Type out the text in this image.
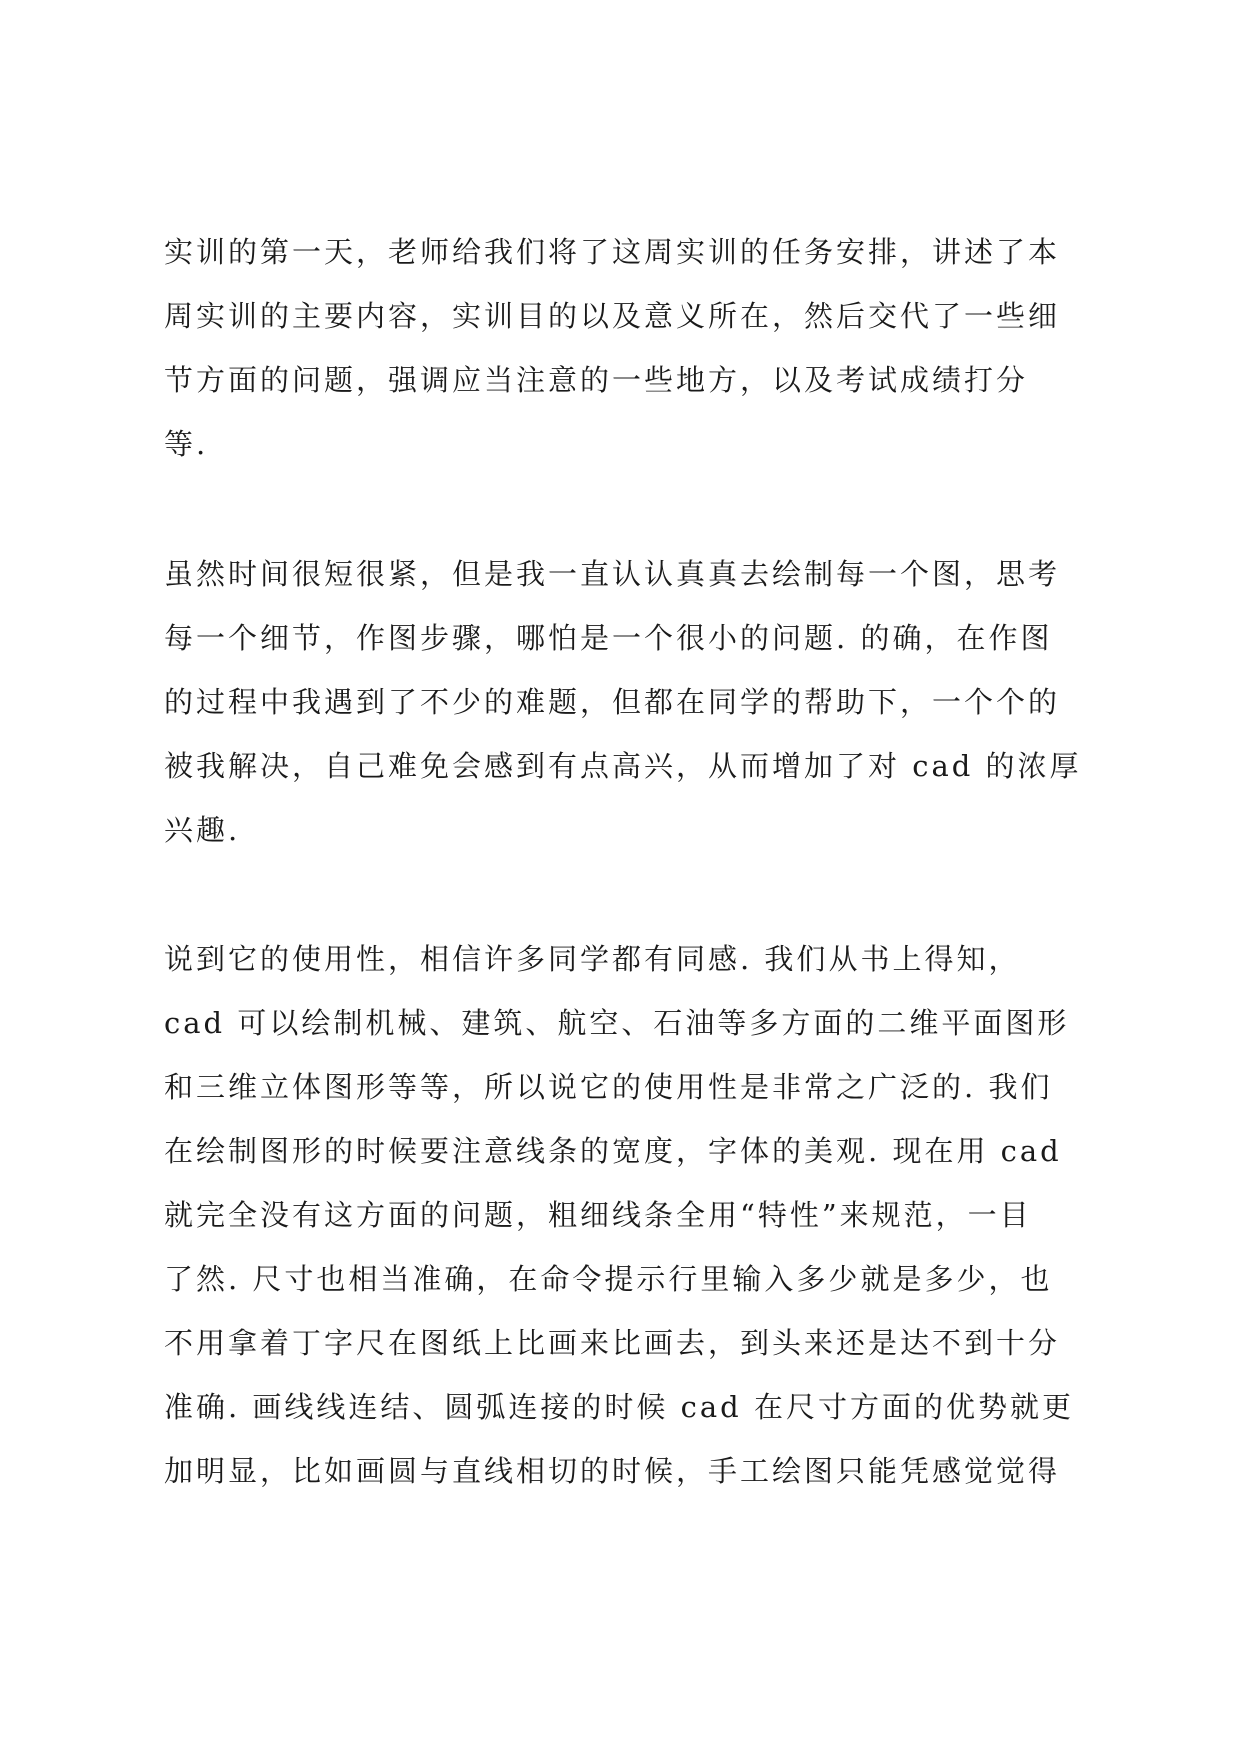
实训的第一天，老师给我们将了这周实训的任务安排，讲述了本
周实训的主要内容，实训目的以及意义所在，然后交代了一些细
节方面的问题，强调应当注意的一些地方，以及考试成绩打分
等.
虽然时间很短很紧，但是我一直认认真真去绘制每一个图，思考
每一个细节，作图步骤，哪怕是一个很小的问题. 的确，在作图
的过程中我遇到了不少的难题，但都在同学的帮助下，一个个的
被我解决，自己难免会感到有点高兴，从而增加了对 cad 的浓厚
兴趣.
说到它的使用性，相信许多同学都有同感. 我们从书上得知，
cad 可以绘制机械、建筑、航空、石油等多方面的二维平面图形
和三维立体图形等等，所以说它的使用性是非常之广泛的. 我们
在绘制图形的时候要注意线条的宽度，字体的美观. 现在用 cad
就完全没有这方面的问题，粗细线条全用“特性”来规范，一目
了然. 尺寸也相当准确，在命令提示行里输入多少就是多少，也
不用拿着丁字尺在图纸上比画来比画去，到头来还是达不到十分
准确. 画线线连结、圆弧连接的时候 cad 在尺寸方面的优势就更
加明显，比如画圆与直线相切的时候，手工绘图只能凭感觉觉得
